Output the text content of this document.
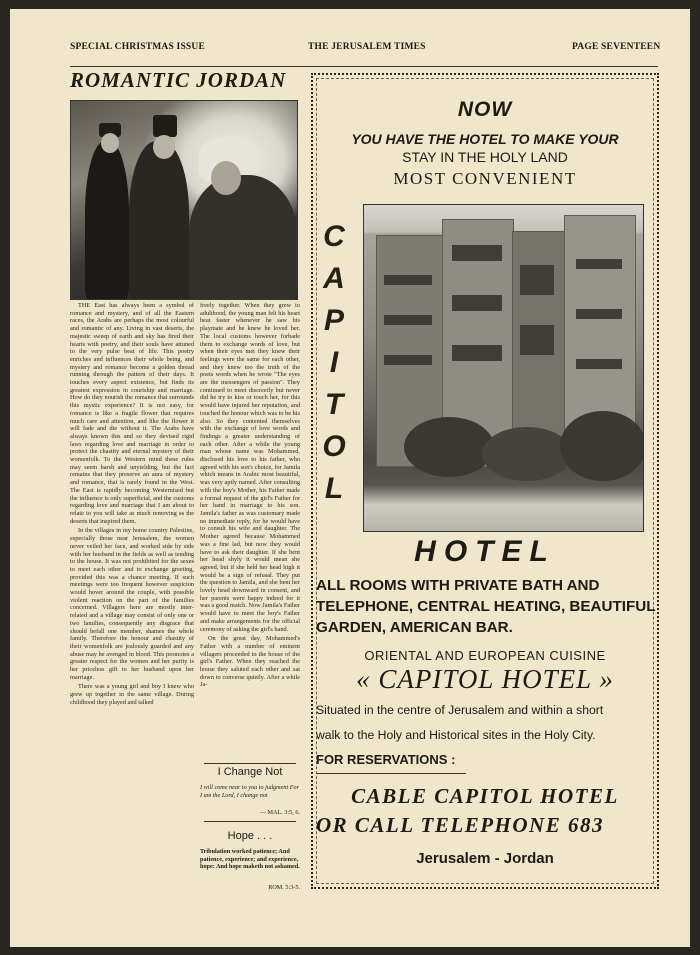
SPECIAL CHRISTMAS ISSUE	THE JERUSALEM TIMES	PAGE SEVENTEEN
ROMANTIC JORDAN

THE East has always been a symbol of romance and mystery, and of all the Eastern races, the Arabs are perhaps the most colourful and romantic of any. Living in vast deserts, the majestic sweep of earth and sky has fired their hearts with poetry, and their souls have attuned to the very pulse beat of life. This poetry enriches and influences their whole being, and mystery and romance become a golden thread running through the pattern of their days. It touches every aspect existence, but finds its greatest expression in courtship and marriage. How do they nourish the romance that surrounds this mystic experience? It is not easy, for romance is like a fragile flower that requires much care and attention, and like the flower it will fade and die without it. The Arabs have always known this and so they devised rigid laws regarding love and marriage in order to protect the chastity and eternal mystery of their womenfolk. To the Western mind these rules may seem harsh and unyielding, but the fact remains that they preserve an aura of mystery and romance, that is rarely found in the West. The East is rapidly becoming Westernised but the influence is only superficial, and the customs regarding love and marriage that I am about to relate to you will take as much removing as the deserts that inspired them.

In the villages in my home country Palestine, especially those near Jerusalem, the women never veiled her face, and worked side by side with her husband in the fields as well as tending to the house. It was not prohibited for the sexes to meet each other and to exchange greeting, provided this was a chance meeting. If such meetings were too frequent however suspicion would hover around the couple, with possible violent reaction on the part of the families concerned. Villagers here are mostly inter-related and a village may consist of only one or two families, consequently any disgrace that should befall one member, shames the whole family. Therefore the honour and chastity of their womenfolk are jealously guarded and any abuse may be avenged in blood. This promotes a greater respect for the women and her purity is her priceless gift to her husband upon her marriage.

There was a young girl and boy I knew who grew up together in the same village. During childhood they played and talked

freely together. When they grew to adulthood, the young man felt his heart beat faster whenever he saw his playmate and he knew he loved her. The local customs however forbade them to exchange words of love, but when their eyes met they knew their feelings were the same for each other, and they knew too the truth of the poets words when he wrote "The eyes are the messengers of passion". They continued to meet discreetly but never did he try to kiss or touch her, for this would have injured her reputation, and touched the honour which was to be his also. So they contented themselves with the exchange of love words and findings a greater understanding of each other. After a while the young man whose name was Mohammed, disclosed his love to his father, who agreed with his son's choice, for Jamila which means in Arabic most beautiful, was very aptly named. After consulting with the boy's Mother, his Father made a formal request of the girl's Father for her hand in marriage to his son. Jamila's father as was customary made no immediate reply, for he would have to consult his wife and daughter. The Mother agreed because Mohammed was a fine lad, but now they would have to ask their daughter. If she bent her head shyly it would mean she agreed, but if she held her head high it would be a sign of refusal. They put the question to Jamila, and she bent her lovely head downward in consent, and her parents were happy indeed for it was a good match. Now Jamila's Father would have to meet the boy's Father and make arrangements for the official ceremony of asking the girl's hand.

On the great day, Mohammed's Father with a number of eminent villagers proceeded to the house of the girl's Father. When they reached the house they saluted each other and sat down to converse quietly. After a while Ja-

I Change Not
I will come near to you to judgment For I am the Lord, I change not
— MAL. 3:5, 6.
Hope . . .
Tribulation worked patience; And patience, experience; and experience, hope: And hope maketh not ashamed.
ROM. 5:3-5.
NOW
YOU HAVE THE HOTEL TO MAKE YOUR
STAY IN THE HOLY LAND
MOST CONVENIENT
C
A
P
I
T
O
L
HOTEL
ALL ROOMS WITH PRIVATE BATH AND
TELEPHONE, CENTRAL HEATING, BEAUTIFUL
GARDEN, AMERICAN BAR.
ORIENTAL AND EUROPEAN CUISINE
« CAPITOL HOTEL »
Situated in the centre of Jerusalem and within a short
walk to the Holy and Historical sites in the Holy City.
FOR RESERVATIONS :
CABLE CAPITOL HOTEL
OR CALL TELEPHONE 683
Jerusalem - Jordan
